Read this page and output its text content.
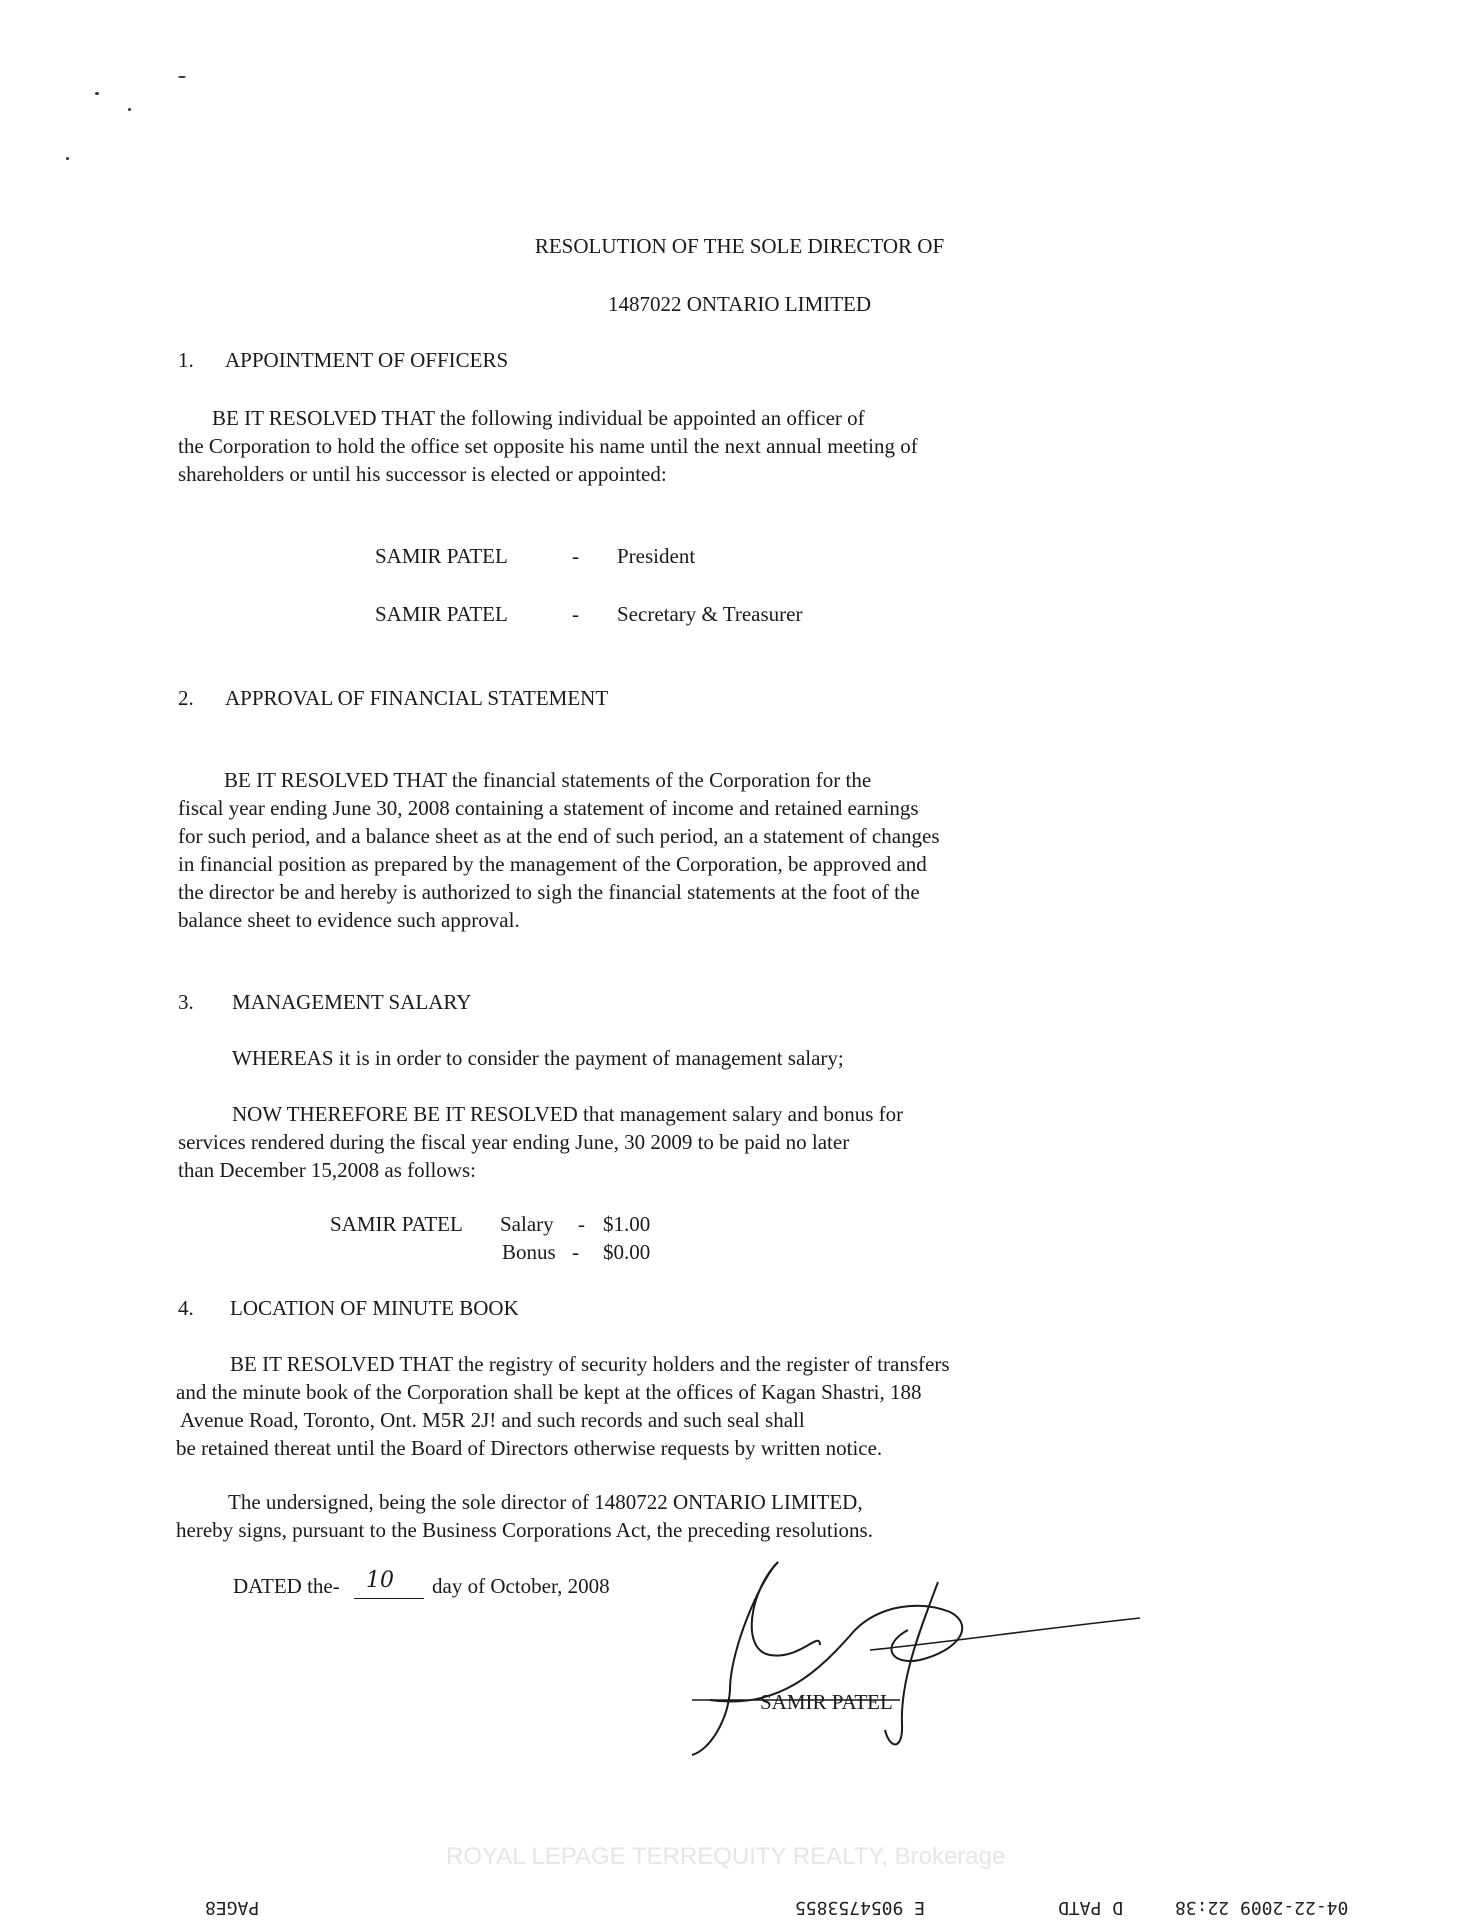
RESOLUTION OF THE SOLE DIRECTOR OF

1487022 ONTARIO LIMITED

1. APPOINTMENT OF OFFICERS

BE IT RESOLVED THAT the following individual be appointed an officer of
the Corporation to hold the office set opposite his name until the next annual meeting of
shareholders or until his successor is elected or appointed:

SAMIR PATEL	- President

SAMIR PATEL	- Secretary & Treasurer

2. APPROVAL OF FINANCIAL STATEMENT

BE IT RESOLVED THAT the financial statements of the Corporation for the
fiscal year ending June 30, 2008 containing a statement of income and retained earnings
for such period, and a balance sheet as at the end of such period, an a statement of changes
in financial position as prepared by the management of the Corporation, be approved and
the director be and hereby is authorized to sigh the financial statements at the foot of the
balance sheet to evidence such approval.

3. MANAGEMENT SALARY

WHEREAS it is in order to consider the payment of management salary;

NOW THEREFORE BE IT RESOLVED that management salary and bonus for
services rendered during the fiscal year ending June, 30 2009 to be paid no later
than December 15,2008 as follows:

SAMIR PATEL Salary - $1.00

Bonus - $0.00

4. LOCATION OF MINUTE BOOK

BE IT RESOLVED THAT the registry of security holders and the register of transfers
and the minute book of the Corporation shall be kept at the offices of Kagan Shastri, 188
Avenue Road, Toronto, Ont. M5R 2J! and such records and such seal shall
be retained thereat until the Board of Directors otherwise requests by written notice.
The undersigned, being the sole director of 1480722 ONTARIO LIMITED,
hereby signs, pursuant to the Business Corporations Act, the preceding resolutions.

DATED the- 10 day of October, 2008

SAMIR PATEL

ROYAL LEPAGE TERREQUITY REALTY, Brokerage

PAGE8	E 9054753855	D PATD	04-22-2009 22:38
